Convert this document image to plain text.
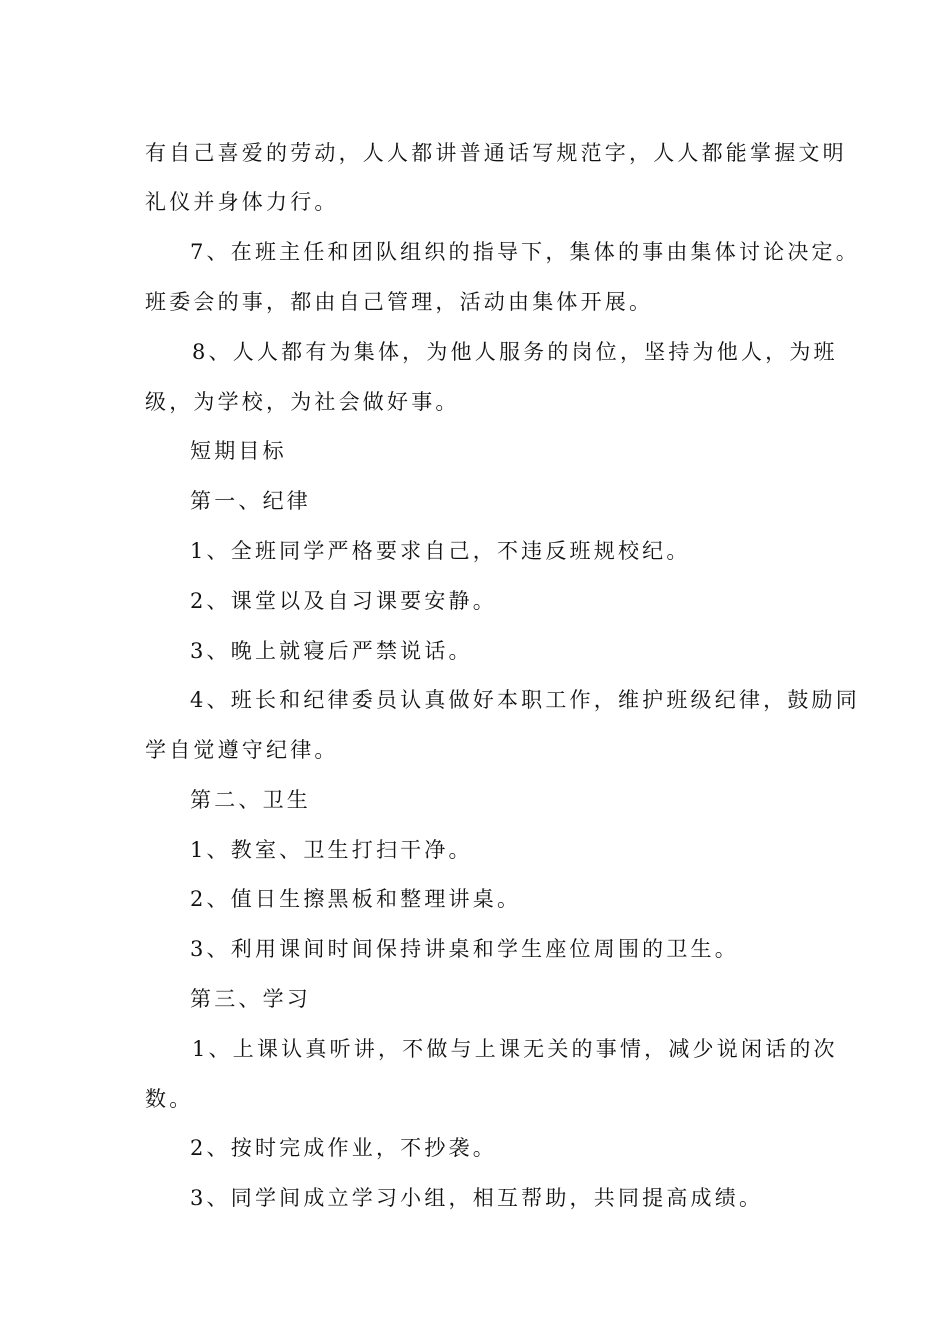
有自己喜爱的劳动，人人都讲普通话写规范字，人人都能掌握文明
礼仪并身体力行。
7、在班主任和团队组织的指导下，集体的事由集体讨论决定。
班委会的事，都由自己管理，活动由集体开展。
8、人人都有为集体，为他人服务的岗位，坚持为他人，为班
级，为学校，为社会做好事。
短期目标
第一、纪律
1、全班同学严格要求自己，不违反班规校纪。
2、课堂以及自习课要安静。
3、晚上就寝后严禁说话。
4、班长和纪律委员认真做好本职工作，维护班级纪律，鼓励同
学自觉遵守纪律。
第二、卫生
1、教室、卫生打扫干净。
2、值日生擦黑板和整理讲桌。
3、利用课间时间保持讲桌和学生座位周围的卫生。
第三、学习
1、上课认真听讲，不做与上课无关的事情，减少说闲话的次
数。
2、按时完成作业，不抄袭。
3、同学间成立学习小组，相互帮助，共同提高成绩。
